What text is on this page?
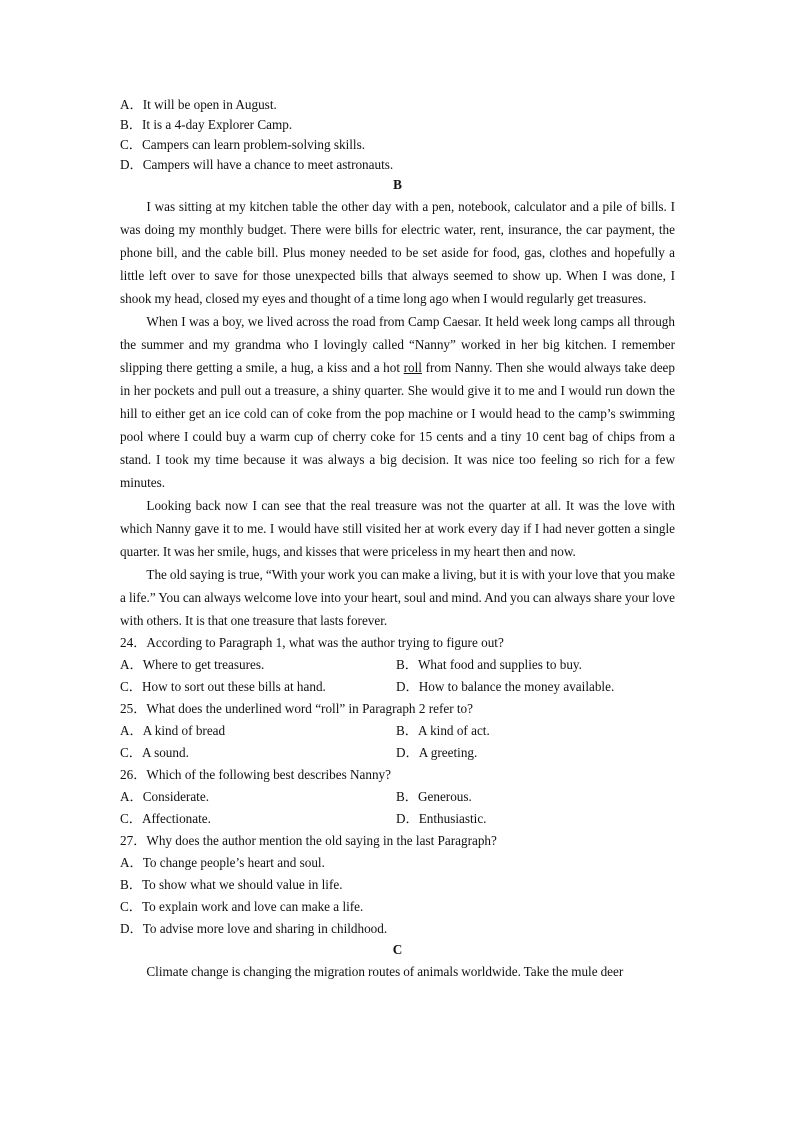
A．It will be open in August.
B．It is a 4-day Explorer Camp.
C．Campers can learn problem-solving skills.
D．Campers will have a chance to meet astronauts.
B

I was sitting at my kitchen table the other day with a pen, notebook, calculator and a pile of bills. I was doing my monthly budget. There were bills for electric water, rent, insurance, the car payment, the phone bill, and the cable bill. Plus money needed to be set aside for food, gas, clothes and hopefully a little left over to save for those unexpected bills that always seemed to show up. When I was done, I shook my head, closed my eyes and thought of a time long ago when I would regularly get treasures.

When I was a boy, we lived across the road from Camp Caesar. It held week long camps all through the summer and my grandma who I lovingly called “Nanny” worked in her big kitchen. I remember slipping there getting a smile, a hug, a kiss and a hot roll from Nanny. Then she would always take deep in her pockets and pull out a treasure, a shiny quarter. She would give it to me and I would run down the hill to either get an ice cold can of coke from the pop machine or I would head to the camp’s swimming pool where I could buy a warm cup of cherry coke for 15 cents and a tiny 10 cent bag of chips from a stand. I took my time because it was always a big decision. It was nice too feeling so rich for a few minutes.

Looking back now I can see that the real treasure was not the quarter at all. It was the love with which Nanny gave it to me. I would have still visited her at work every day if I had never gotten a single quarter. It was her smile, hugs, and kisses that were priceless in my heart then and now.

The old saying is true, “With your work you can make a living, but it is with your love that you make a life.” You can always welcome love into your heart, soul and mind. And you can always share your love with others. It is that one treasure that lasts forever.

24．According to Paragraph 1, what was the author trying to figure out?
A．Where to get treasures.	B．What food and supplies to buy.
C．How to sort out these bills at hand.	D．How to balance the money available.
25．What does the underlined word “roll” in Paragraph 2 refer to?
A．A kind of bread	B．A kind of act.
C．A sound.	D．A greeting.
26．Which of the following best describes Nanny?
A．Considerate.	B．Generous.
C．Affectionate.	D．Enthusiastic.
27．Why does the author mention the old saying in the last Paragraph?
A．To change people’s heart and soul.
B．To show what we should value in life.
C．To explain work and love can make a life.
D．To advise more love and sharing in childhood.
C

Climate change is changing the migration routes of animals worldwide. Take the mule deer
